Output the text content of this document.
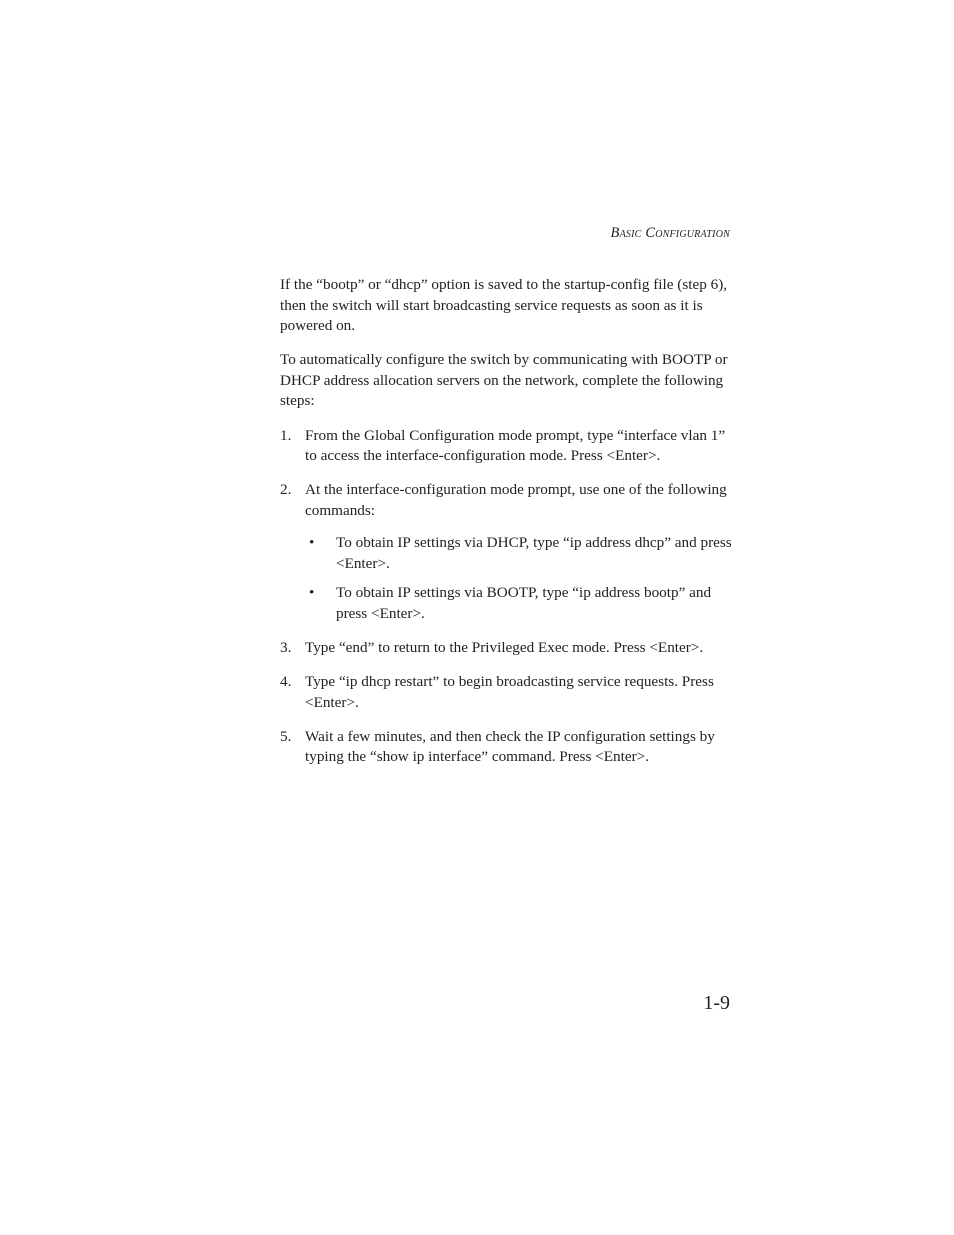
Basic Configuration

If the “bootp” or “dhcp” option is saved to the startup-config file (step 6), then the switch will start broadcasting service requests as soon as it is powered on.

To automatically configure the switch by communicating with BOOTP or DHCP address allocation servers on the network, complete the following steps:

1. From the Global Configuration mode prompt, type “interface vlan 1” to access the interface-configuration mode. Press <Enter>.
2. At the interface-configuration mode prompt, use one of the following commands:
• To obtain IP settings via DHCP, type “ip address dhcp” and press <Enter>.
• To obtain IP settings via BOOTP, type “ip address bootp” and press <Enter>.
3. Type “end” to return to the Privileged Exec mode. Press <Enter>.
4. Type “ip dhcp restart” to begin broadcasting service requests. Press <Enter>.
5. Wait a few minutes, and then check the IP configuration settings by typing the “show ip interface” command. Press <Enter>.
1-9
